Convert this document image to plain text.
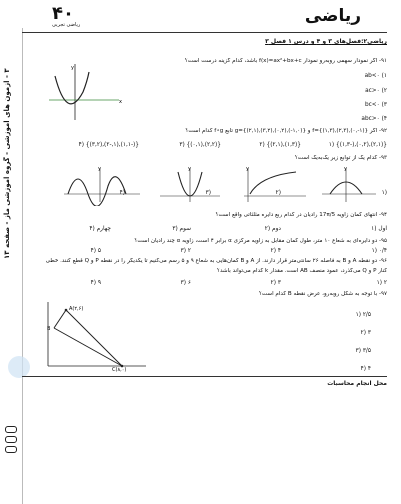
۳ - آزمون های آموزشی - گروه آموزشی ماز - صفحه ۱۳
۴۰
ریاضی تجربی	ریاضی
ریاضی۲:فصل‌های ۳ و ۴ و درس ۱ فصل ۳
۹۱- اگر نمودار سهمی روبه‌رو نمودار f(x)=ax²+bx+c باشد، کدام گزینه درست است؟
ab<۰ (۱
ac>۰ (۲
bc<۰ (۳
abc>۰ (۴
y
x
۹۲- اگر f={(۱,۳),(۲,۳),(۰,-۱)} و g={(۲,۱),(۳,۲),(۰,۲),(-۱,۰)} تابع f∘g کدام است؟
{(۲,۱),(۰,۲),(-۱,۳)} (۱
{(۱,۳),(۲,۱)} (۲
{(۲,۲),(۰,۱)} (۳
{(-۱,۱),(۱,-۲),(۳,۲)} (۴
۹۳- کدام یک از توابع زیر یک‌به‌یک است؟
y	y	y	y
(۱
(۲
(۳
(۴
۹۴- انتهای کمان زاویه 17π/5 رادیان در کدام ربع دایره مثلثاتی واقع است؟
اول (۱
دوم (۲
سوم (۳
چهارم (۴
۹۵- دو دایره‌ای به شعاع ۱۰ متر، طول کمان مقابل به زاویه مرکزی α برابر ۴ است، زاویه α چند رادیان است؟
۰/۴ (۱
۴ (۲
۲ (۳
۵ (۴
۹۶- دو نقطه A و B به فاصله ۲۶ سانتی‌متر قرار دارند. از A و B کمان‌هایی به شعاع ۹ و ۵ رسم می‌کنیم تا یکدیگر را در نقطه P و Q قطع کنند. خطی
کنار P و Q می‌گذرد، عمود منصف AB است. مقدار k کدام می‌تواند باشد؟
۲ (۱
۳ (۲
۶ (۳
۹ (۴
۹۷- با توجه به شکل روبه‌رو، عرض نقطه B کدام است؟
۲/۵ (۱
۳ (۲
۳/۵ (۳
۴ (۴
A(۲,۶)
B
C(۸,۰)
محل انجام محاسبات
